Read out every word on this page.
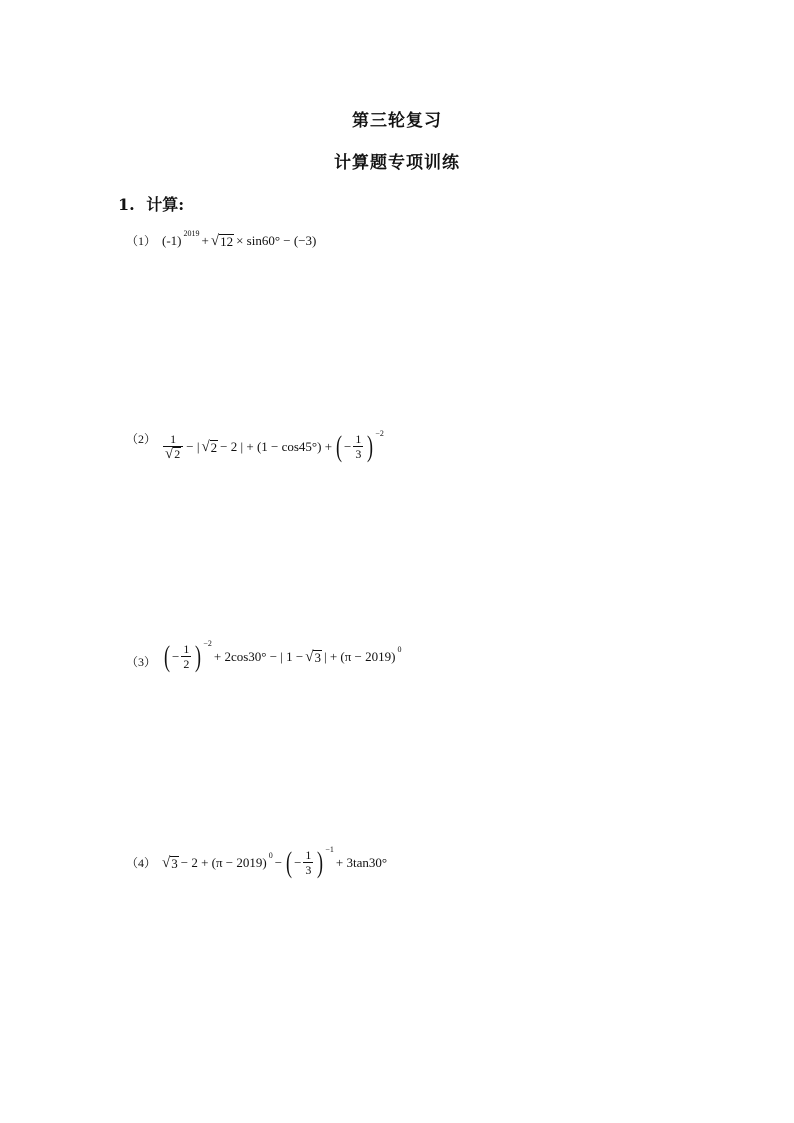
第三轮复习
计算题专项训练
1. 计算:
（1） (-1) 2019 + √ 12 × sin60° − (−3)
$(2) \frac{1}{√ 2}$ − | √ 2 − 2 | + (1 − cos45°) + ( − $\frac{1}{3}$ ) −2
（3） ( − $\frac{1}{2}$ ) −2
+ 2cos30° − | 1 − √ 3 | + (π − 2019) 0
（4） √ 3 − 2 + (π − 2019) 0 − ( − $\frac{1}{3}$ ) −1
+ 3tan30°
